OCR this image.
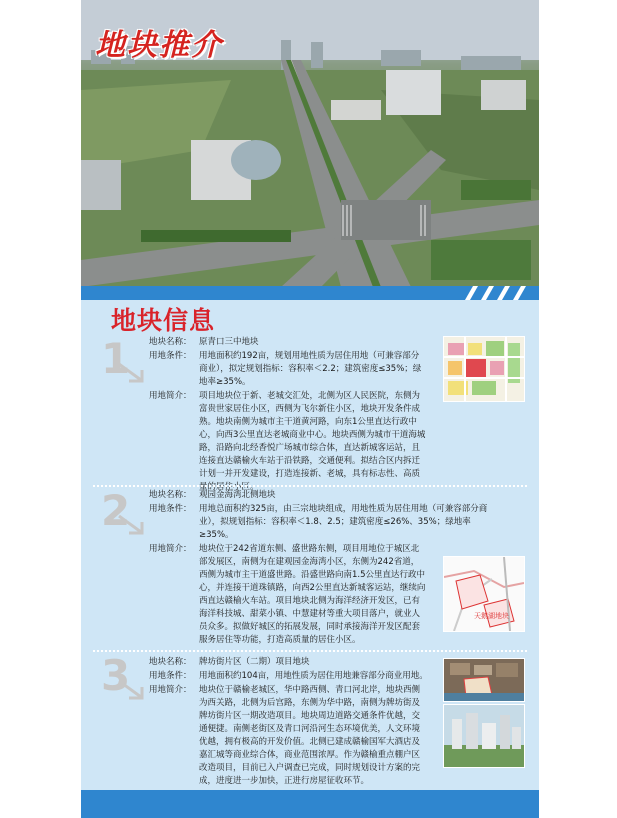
地块推介
地块信息
1 地块名称： 原青口三中地块
用地条件： 用地面积约192亩，规划用地性质为居住用地（可兼容部分商业），拟定规划指标：容积率＜2.2；建筑密度≤35%；绿地率≥35%。
用地简介： 项目地块位于新、老城交汇处，北侧为区人民医院，东侧为富贵世家居住小区，西侧为飞尔新住小区，地块开发条件成熟。地块南侧为城市主干道黄河路，向东1公里直达行政中心，向西3公里直达老城商业中心。地块西侧为城市干道海城路，沿路向北经香悦广场城市综合体，直达新城客运站，且连接直达赣榆火车站于沿铁路，交通便利。拟结合区内拆迁计划一并开发建设，打造连接新、老城，具有标志性、高质量的居住小区。
2 地块名称： 观园金海湾北侧地块
用地条件： 用地总面积约325亩，由三宗地块组成，用地性质为居住用地（可兼容部分商业），拟规划指标：容积率＜1.8、2.5；建筑密度≤26%、35%；绿地率≥35%。
用地简介： 地块位于242省道东侧、盛世路东侧，项目用地位于城区北部发展区，南侧为在建观园金海湾小区，东侧为242省道，西侧为城市主干道盛世路。沿盛世路向南1.5公里直达行政中心，并连接干道珠镇路，向西2公里直达新城客运站，继续向西直达赣榆火车站。项目地块北侧为海洋经济开发区，已有海洋科技城、甜菜小镇、中慧建材等重大项目落户，就业人员众多。拟做好城区的拓展发展，同时承接海洋开发区配套服务居住等功能，打造高质量的居住小区。
天鹅湖地块
3 地块名称： 牌坊街片区（二期）项目地块
用地条件： 用地面积约104亩，用地性质为居住用地兼容部分商业用地。
用地简介： 地块位于赣榆老城区，华中路西侧、青口河北岸，地块西侧为西关路，北侧为后宫路，东侧为华中路，南侧为牌坊街及牌坊街片区一期改造项目。地块周边道路交通条件优越，交通便捷。南侧老街区及青口河沿河生态环境优美，人文环境优越，拥有极高的开发价值。北侧已建成赣榆国军大酒店及嘉汇城等商业综合体，商业范围浓厚。作为赣榆重点棚户区改造项目，目前已入户调查已完成，同时规划设计方案的完成，进度进一步加快，正进行房屋征收环节。
